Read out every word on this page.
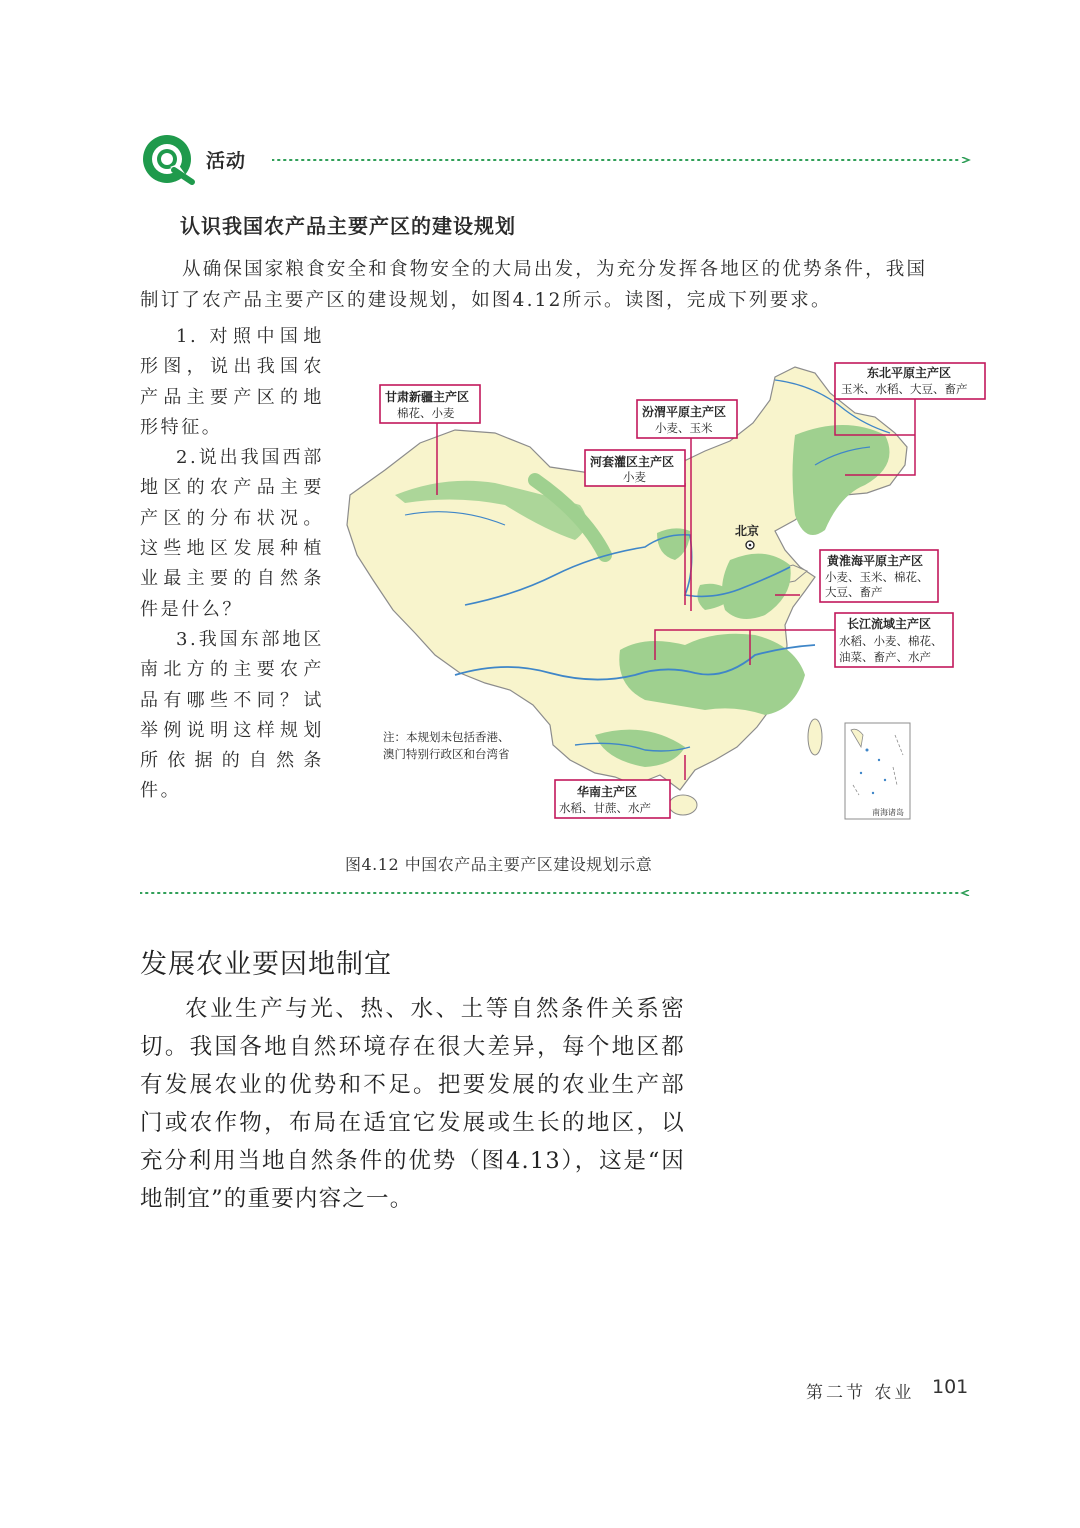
活动
认识我国农产品主要产区的建设规划
从确保国家粮食安全和食物安全的大局出发，为充分发挥各地区的优势条件，我国
制订了农产品主要产区的建设规划，如图4.12所示。读图，完成下列要求。

1. 对照中国地形图，说出我国农产品主要产区的地形特征。

2.说出我国西部地区的农产品主要产区的分布状况。这些地区发展种植业最主要的自然条件是什么？

3.我国东部地区南北方的主要农产品有哪些不同？试举例说明这样规划所依据的自然条件。

北京
甘肃新疆主产区
棉花、小麦	汾渭平原主产区
小麦、玉米
河套灌区主产区
小麦
东北平原主产区
玉米、水稻、大豆、畜产
黄淮海平原主产区
小麦、玉米、棉花、
大豆、畜产
长江流域主产区
水稻、小麦、棉花、
油菜、畜产、水产
华南主产区
水稻、甘蔗、水产
注：本规划未包括香港、
澳门特别行政区和台湾省
南海诸岛
图4.12 中国农产品主要产区建设规划示意
发展农业要因地制宜

农业生产与光、热、水、土等自然条件关系密切。我国各地自然环境存在很大差异，每个地区都有发展农业的优势和不足。把要发展的农业生产部门或农作物，布局在适宜它发展或生长的地区，以充分利用当地自然条件的优势（图4.13），这是“因地制宜”的重要内容之一。

第二节 农业 101
